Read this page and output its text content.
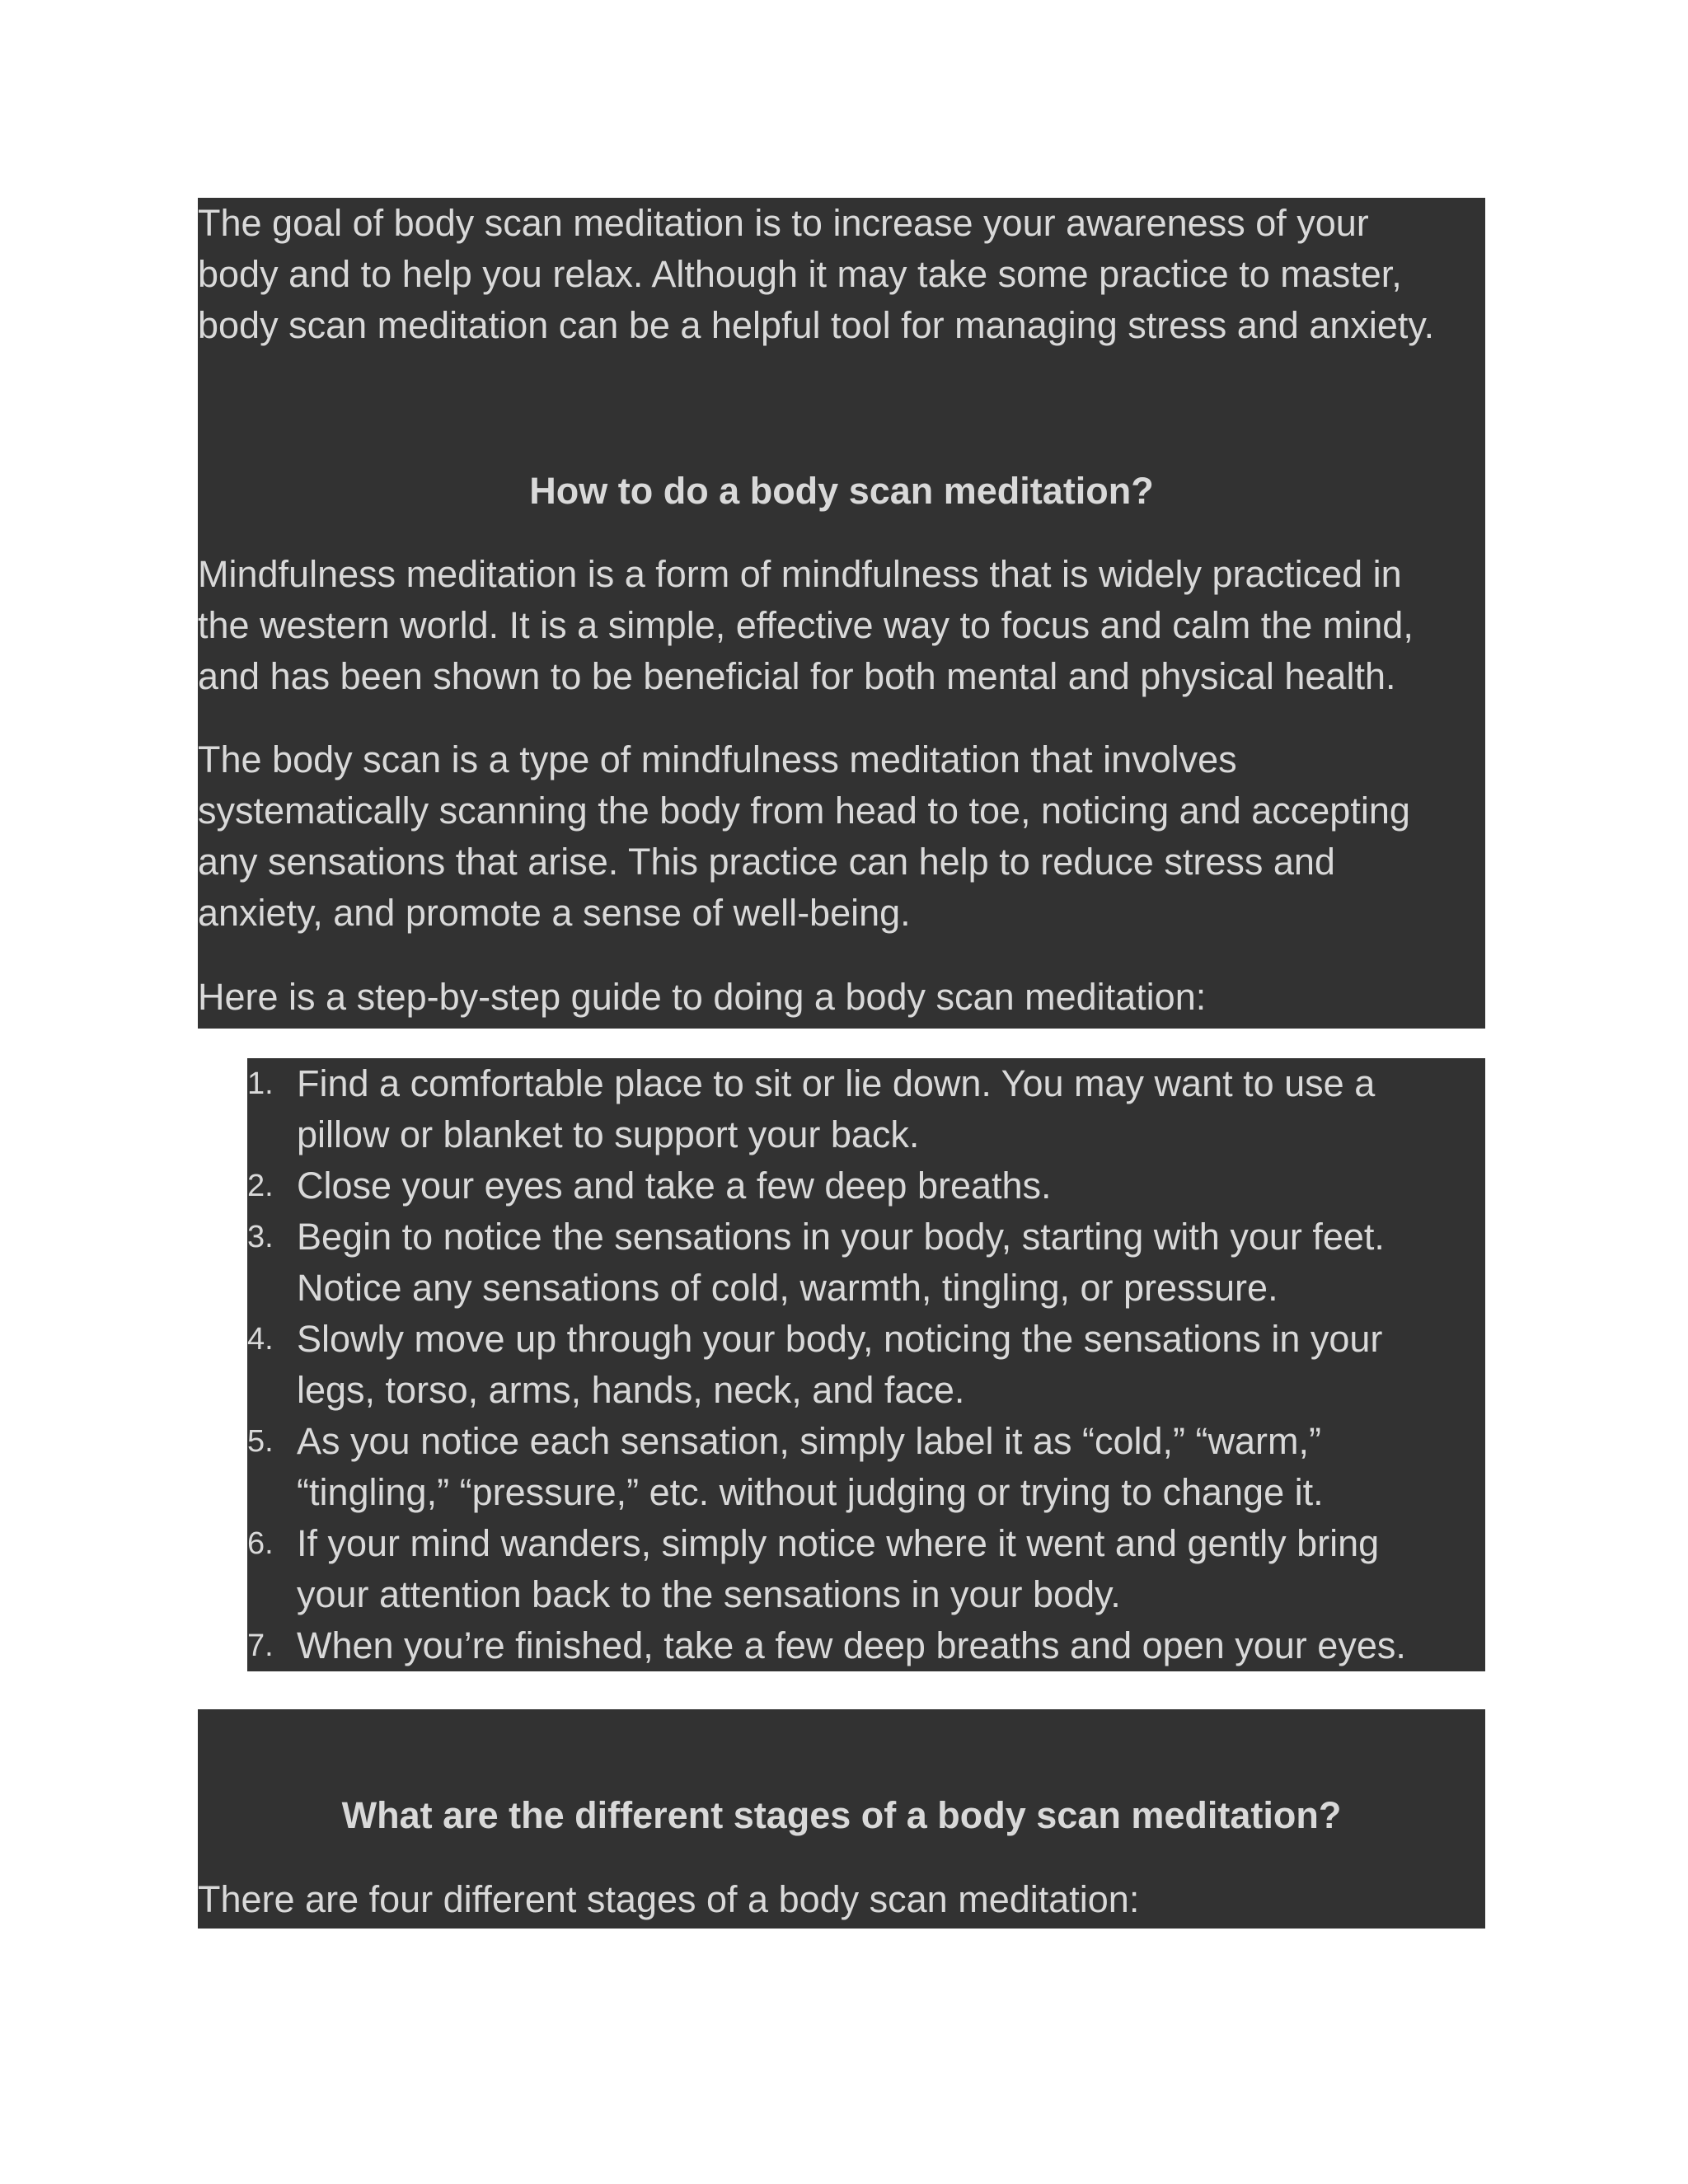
The goal of body scan meditation is to increase your awareness of your
body and to help you relax. Although it may take some practice to master,
body scan meditation can be a helpful tool for managing stress and anxiety.

How to do a body scan meditation?

Mindfulness meditation is a form of mindfulness that is widely practiced in
the western world. It is a simple, effective way to focus and calm the mind,
and has been shown to be beneficial for both mental and physical health.

The body scan is a type of mindfulness meditation that involves
systematically scanning the body from head to toe, noticing and accepting
any sensations that arise. This practice can help to reduce stress and
anxiety, and promote a sense of well-being.

Here is a step-by-step guide to doing a body scan meditation:

1. Find a comfortable place to sit or lie down. You may want to use a
pillow or blanket to support your back.
2. Close your eyes and take a few deep breaths.
3. Begin to notice the sensations in your body, starting with your feet.
Notice any sensations of cold, warmth, tingling, or pressure.
4. Slowly move up through your body, noticing the sensations in your
legs, torso, arms, hands, neck, and face.
5. As you notice each sensation, simply label it as “cold,” “warm,”
“tingling,” “pressure,” etc. without judging or trying to change it.
6. If your mind wanders, simply notice where it went and gently bring
your attention back to the sensations in your body.
7. When you’re finished, take a few deep breaths and open your eyes.
What are the different stages of a body scan meditation?

There are four different stages of a body scan meditation:
